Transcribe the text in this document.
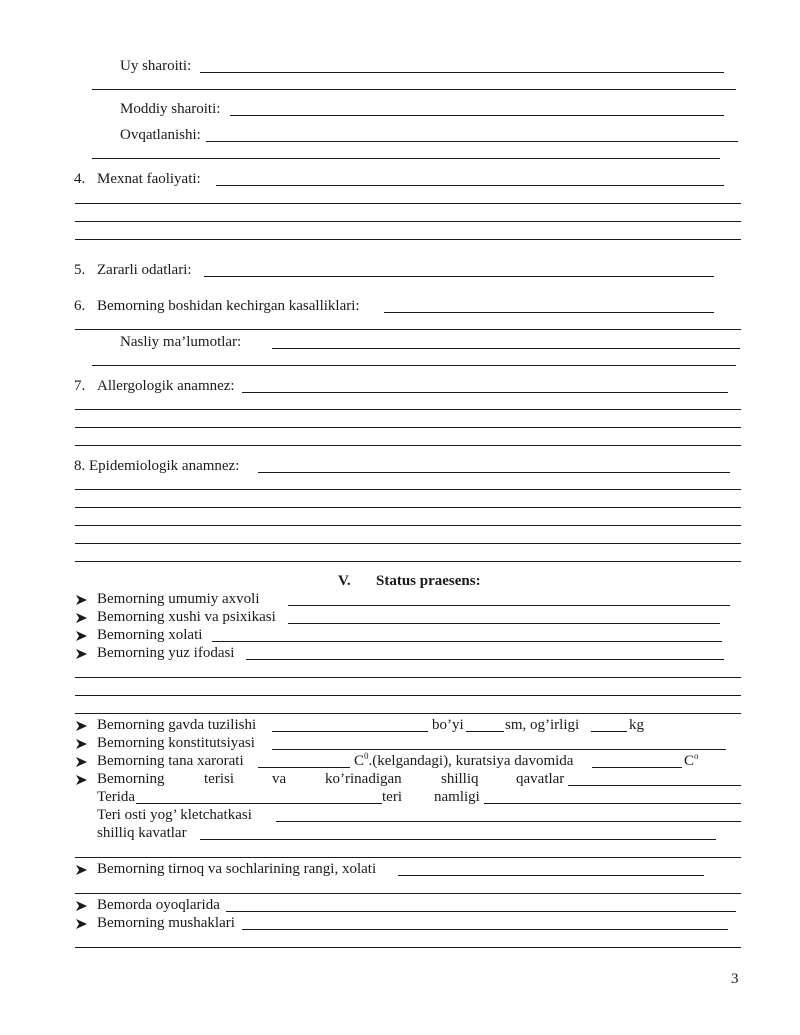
Uy sharoiti:
Moddiy sharoiti:
Ovqatlanishi:
4. Mexnat faoliyati:
5. Zararli odatlari:
6. Bemorning boshidan kechirgan kasalliklari:
Nasliy ma’lumotlar:
7. Allergologik anamnez:
8. Epidemiologik anamnez:
V. Status praesens:
Bemorning umumiy axvoli
Bemorning xushi va psixikasi
Bemorning xolati
Bemorning yuz ifodasi
Bemorning gavda tuzilishi	bo’yi	sm, og’irligi	kg
Bemorning konstitutsiyasi
Bemorning tana xarorati	$C^0.(kelgandagi)$, kuratsiya davomida	$C^o$
Bemorning	terisi	va	ko’rinadigan	shilliq qavatlar
Terida	teri namligi
Teri osti yog’ kletchatkasi
shilliq kavatlar
Bemorning tirnoq va sochlarining rangi, xolati
Bemorda oyoqlarida
Bemorning mushaklari
3
